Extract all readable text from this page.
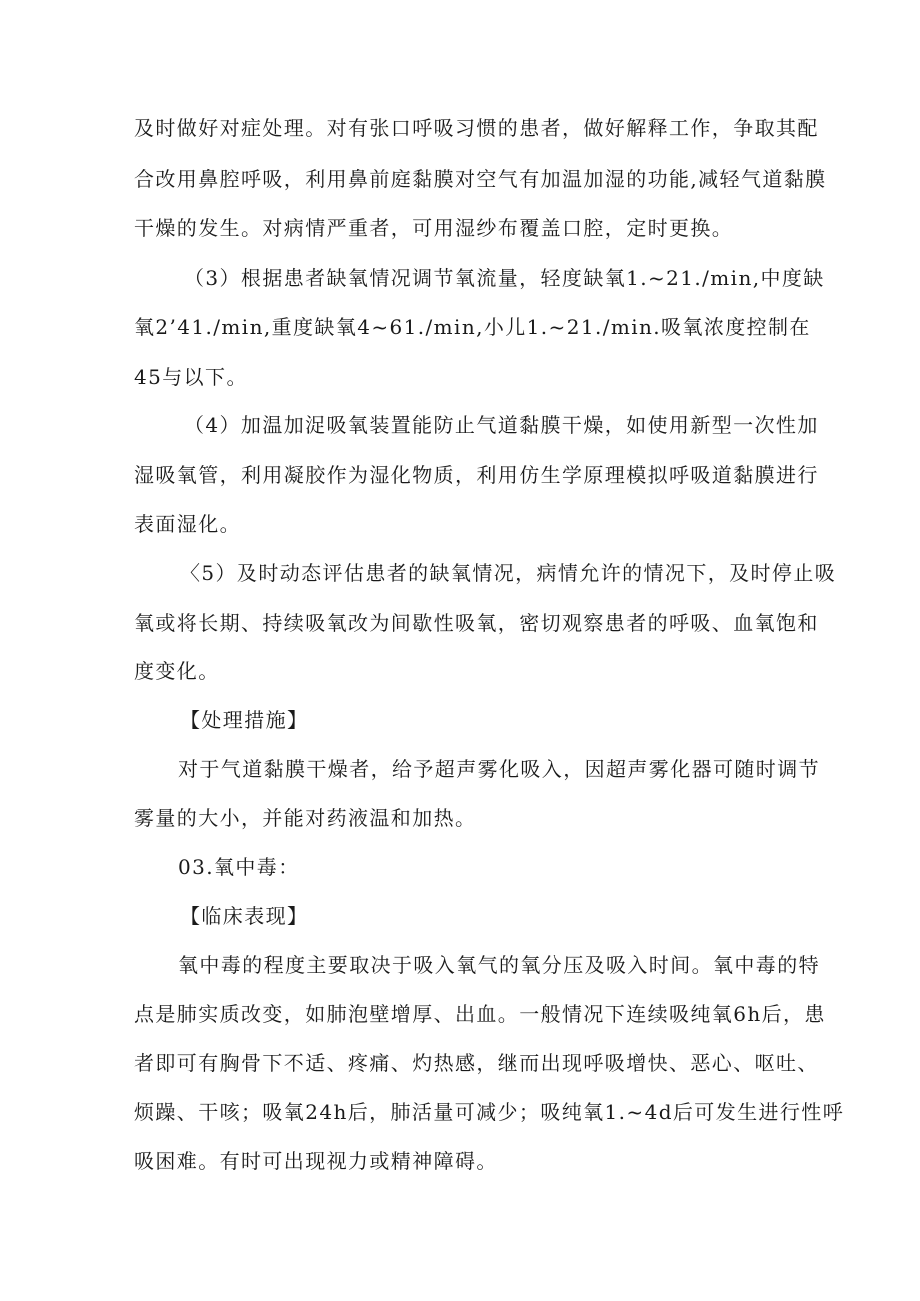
及时做好对症处理。对有张口呼吸习惯的患者，做好解释工作，争取其配

合改用鼻腔呼吸，利用鼻前庭黏膜对空气有加温加湿的功能,减轻气道黏膜

干燥的发生。对病情严重者，可用湿纱布覆盖口腔，定时更换。

（3）根据患者缺氧情况调节氧流量，轻度缺氧1.~21./min,中度缺

氧2’41./min,重度缺氧4~61./min,小儿1.~21./min.吸氧浓度控制在

45与以下。

（4）加温加浞吸氧装置能防止气道黏膜干燥，如使用新型一次性加

湿吸氧管，利用凝胶作为湿化物质，利用仿生学原理模拟呼吸道黏膜进行

表面湿化。

〈5）及时动态评估患者的缺氧情况，病情允许的情况下，及时停止吸

氧或将长期、持续吸氧改为间歇性吸氧，密切观察患者的呼吸、血氧饱和

度变化。

【处理措施】

对于气道黏膜干燥者，给予超声雾化吸入，因超声雾化器可随时调节

雾量的大小，并能对药液温和加热。

03.氧中毒：

【临床表现】

氧中毒的程度主要取决于吸入氧气的氧分压及吸入时间。氧中毒的特

点是肺实质改变，如肺泡壁增厚、出血。一般情况下连续吸纯氧6h后，患

者即可有胸骨下不适、疼痛、灼热感，继而出现呼吸增快、恶心、呕吐、

烦躁、干咳；吸氧24h后，肺活量可减少；吸纯氧1.~4d后可发生进行性呼

吸困难。有时可出现视力或精神障碍。
